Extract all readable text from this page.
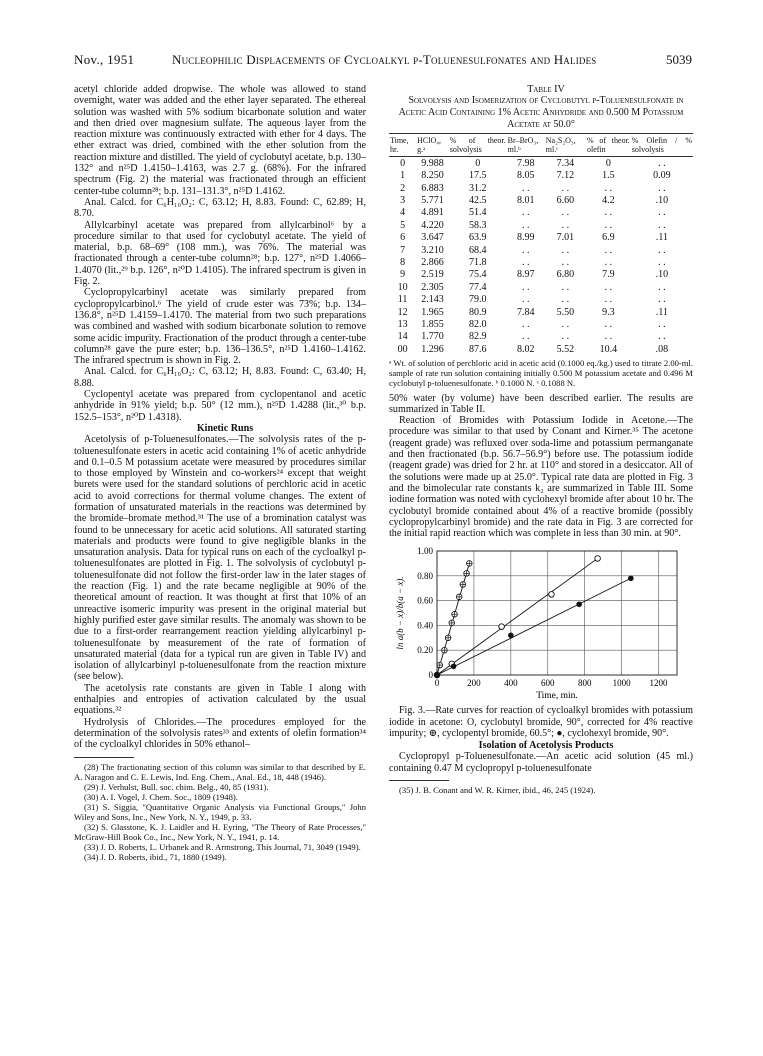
Nov., 1951	Nucleophilic Displacements of Cycloalkyl p-Toluenesulfonates and Halides	5039

acetyl chloride added dropwise. The whole was allowed to stand overnight, water was added and the ether layer separated. The ethereal solution was washed with 5% sodium bicarbonate solution and water and then dried over magnesium sulfate. The aqueous layer from the reaction mixture was continuously extracted with ether for 4 days. The ether extract was dried, combined with the ether solution from the reaction mixture and distilled. The yield of cyclobutyl acetate, b.p. 130–132° and n²⁵D 1.4150–1.4163, was 2.7 g. (68%). For the infrared spectrum (Fig. 2) the material was fractionated through an efficient center-tube column²⁸; b.p. 131–131.3°, n²⁵D 1.4162.

Anal. Calcd. for C₆H₁₀O₂: C, 63.12; H, 8.83. Found: C, 62.89; H, 8.70.

Allylcarbinyl acetate was prepared from allylcarbinol⁶ by a procedure similar to that used for cyclobutyl acetate. The yield of material, b.p. 68–69° (108 mm.), was 76%. The material was fractionated through a center-tube column²⁸; b.p. 127°, n²⁵D 1.4066–1.4070 (lit.,²⁹ b.p. 126°, n²⁰D 1.4105). The infrared spectrum is given in Fig. 2.

Cyclopropylcarbinyl acetate was similarly prepared from cyclopropylcarbinol.⁶ The yield of crude ester was 73%; b.p. 134–136.8°, n²⁵D 1.4159–1.4170. The material from two such preparations was combined and washed with sodium bicarbonate solution to remove some acidic impurity. Fractionation of the product through a center-tube column²⁸ gave the pure ester; b.p. 136–136.5°, n²⁵D 1.4160–1.4162. The infrared spectrum is shown in Fig. 2.

Anal. Calcd. for C₆H₁₀O₂: C, 63.12; H, 8.83. Found: C, 63.40; H, 8.88.

Cyclopentyl acetate was prepared from cyclopentanol and acetic anhydride in 91% yield; b.p. 50° (12 mm.), n²⁵D 1.4288 (lit.,³⁰ b.p. 152.5–153°, n²⁰D 1.4318).

Kinetic Runs

Acetolysis of p-Toluenesulfonates.—The solvolysis rates of the p-toluenesulfonate esters in acetic acid containing 1% of acetic anhydride and 0.1–0.5 M potassium acetate were measured by procedures similar to those employed by Winstein and co-workers²⁴ except that weight burets were used for the standard solutions of perchloric acid in acetic acid to avoid corrections for thermal volume changes. The extent of formation of unsaturated materials in the reactions was determined by the bromide–bromate method.³¹ The use of a bromination catalyst was found to be unnecessary for acetic acid solutions. All saturated starting materials and products were found to give negligible blanks in the unsaturation analysis. Data for typical runs on each of the cycloalkyl p-toluenesulfonates are plotted in Fig. 1. The solvolysis of cyclobutyl p-toluenesulfonate did not follow the first-order law in the later stages of the reaction (Fig. 1) and the rate became negligible at 90% of the theoretical amount of reaction. It was thought at first that 10% of an unreactive isomeric impurity was present in the original material but highly purified ester gave similar results. The anomaly was shown to be due to a first-order rearrangement reaction yielding allylcarbinyl p-toluenesulfonate by measurement of the rate of formation of unsaturated material (data for a typical run are given in Table IV) and isolation of allylcarbinyl p-toluenesulfonate from the reaction mixture (see below).

The acetolysis rate constants are given in Table I along with enthalpies and entropies of activation calculated by the usual equations.³²

Hydrolysis of Chlorides.—The procedures employed for the determination of the solvolysis rates³³ and extents of olefin formation³⁴ of the cycloalkyl chlorides in 50% ethanol–

(28) The fractionating section of this column was similar to that described by E. A. Naragon and C. E. Lewis, Ind. Eng. Chem., Anal. Ed., 18, 448 (1946).

(29) J. Verhulst, Bull. soc. chim. Belg., 40, 85 (1931).

(30) A. I. Vogel, J. Chem. Soc., 1809 (1948).

(31) S. Siggia, "Quantitative Organic Analysis via Functional Groups," John Wiley and Sons, Inc., New York, N. Y., 1949, p. 33.

(32) S. Glasstone, K. J. Laidler and H. Eyring, "The Theory of Rate Processes," McGraw-Hill Book Co., Inc., New York, N. Y., 1941, p. 14.

(33) J. D. Roberts, L. Urbanek and R. Armstrong, This Journal, 71, 3049 (1949).

(34) J. D. Roberts, ibid., 71, 1880 (1949).

Table IV

Solvolysis and Isomerization of Cyclobutyl p-Toluenesulfonate in Acetic Acid Containing 1% Acetic Anhydride and 0.500 M Potassium Acetate at 50.0°

Time, hr.	HClO₄, g.ᵃ	% of theor. solvolysis	Br–BrO₃, ml.ᵇ	Na₂S₂O₃, ml.ᶜ	% of theor. olefin	% Olefin / % solvolysis
0	9.988	0	7.98	7.34	0	. .
1	8.250	17.5	8.05	7.12	1.5	0.09
2	6.883	31.2	. .	. .	. .	. .
3	5.771	42.5	8.01	6.60	4.2	.10
4	4.891	51.4	. .	. .	. .	. .
5	4.220	58.3	. .	. .	. .	. .
6	3.647	63.9	8.99	7.01	6.9	.11
7	3.210	68.4	. .	. .	. .	. .
8	2.866	71.8	. .	. .	. .	. .
9	2.519	75.4	8.97	6.80	7.9	.10
10	2.305	77.4	. .	. .	. .	. .
11	2.143	79.0	. .	. .	. .	. .
12	1.965	80.9	7.84	5.50	9.3	.11
13	1.855	82.0	. .	. .	. .	. .
14	1.770	82.9	. .	. .	. .	. .
00	1.296	87.6	8.02	5.52	10.4	.08

ᵃ Wt. of solution of perchloric acid in acetic acid (0.1000 eq./kg.) used to titrate 2.00-ml. sample of rate run solution containing initially 0.500 M potassium acetate and 0.496 M cyclobutyl p-toluenesulfonate. ᵇ 0.1000 N. ᶜ 0.1088 N.

50% water (by volume) have been described earlier. The results are summarized in Table II.

Reaction of Bromides with Potassium Iodide in Acetone.—The procedure was similar to that used by Conant and Kirner.³⁵ The acetone (reagent grade) was refluxed over soda-lime and potassium permanganate and then fractionated (b.p. 56.7–56.9°) before use. The potassium iodide (reagent grade) was dried for 2 hr. at 110° and stored in a desiccator. All of the solutions were made up at 25.0°. Typical rate data are plotted in Fig. 3 and the bimolecular rate constants k₂ are summarized in Table III. Some iodine formation was noted with cyclohexyl bromide after about 10 hr. The cyclobutyl bromide contained about 4% of a reactive bromide (possibly cyclopropylcarbinyl bromide) and the rate data in Fig. 3 are corrected for the initial rapid reaction which was complete in less than 30 min. at 90°.

0
0.20
0.40
0.60
0.80
1.00
0	200	400	600	800 1000 1200
Time, min.
ln a(b − x)/b(a − x).

Fig. 3.—Rate curves for reaction of cycloalkyl bromides with potassium iodide in acetone: O, cyclobutyl bromide, 90°, corrected for 4% reactive impurity; ⊕, cyclopentyl bromide, 60.5°; ●, cyclohexyl bromide, 90°.

Isolation of Acetolysis Products

Cyclopropyl p-Toluenesulfonate.—An acetic acid solution (45 ml.) containing 0.47 M cyclopropyl p-toluenesulfonate

(35) J. B. Conant and W. R. Kirner, ibid., 46, 245 (1924).
